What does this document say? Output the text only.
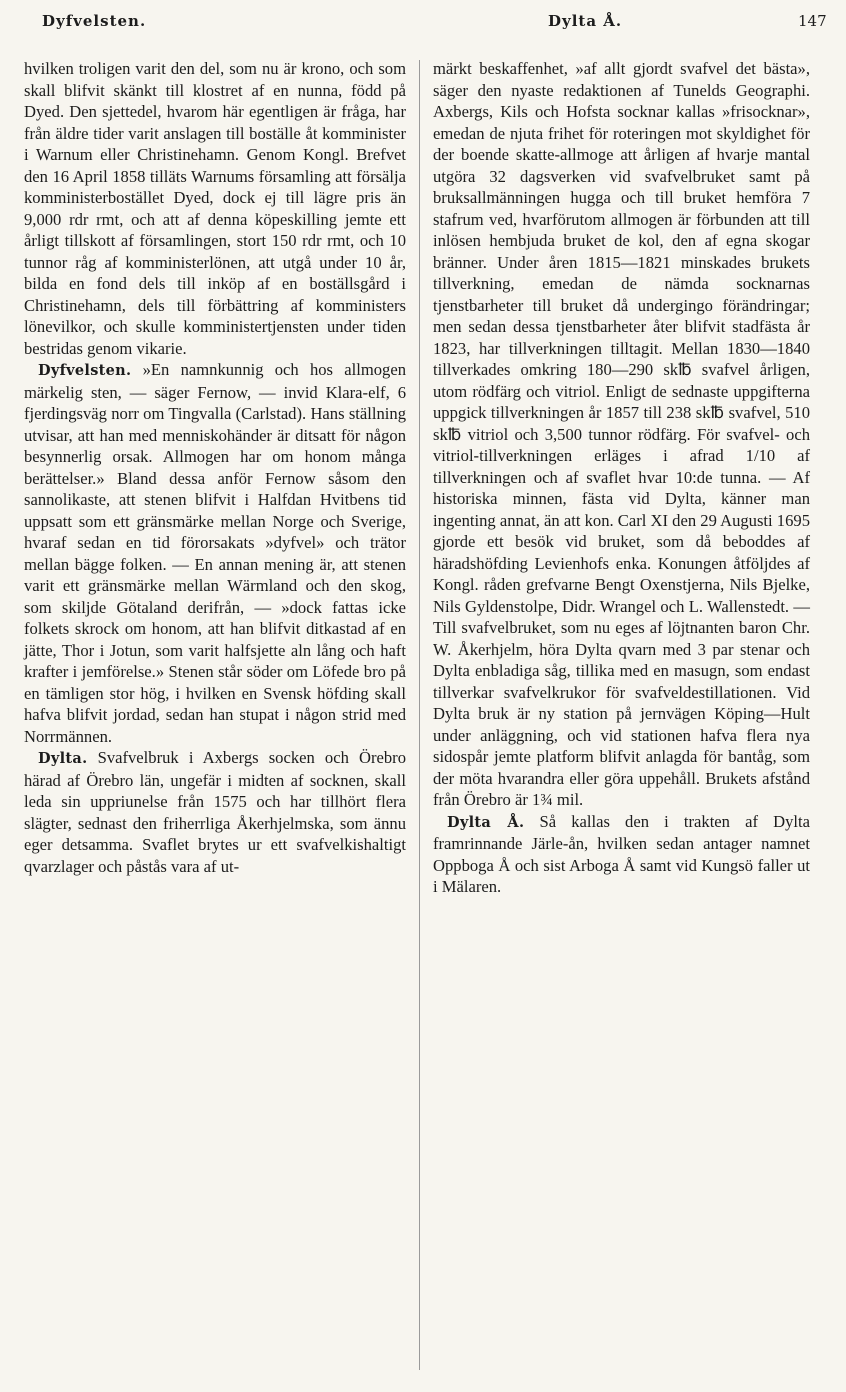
Dyfvelsten.	Dylta Å.	147

hvilken troligen varit den del, som nu är krono, och som skall blifvit skänkt till klostret af en nunna, född på Dyed. Den sjettedel, hvarom här egentligen är fråga, har från äldre tider varit anslagen till boställe åt komminister i Warnum eller Christinehamn. Genom Kongl. Brefvet den 16 April 1858 tilläts Warnums församling att försälja komministerbostället Dyed, dock ej till lägre pris än 9,000 rdr rmt, och att af denna köpeskilling jemte ett årligt tillskott af församlingen, stort 150 rdr rmt, och 10 tunnor råg af komministerlönen, att utgå under 10 år, bilda en fond dels till inköp af en boställsgård i Christinehamn, dels till förbättring af komministers lönevilkor, och skulle komministertjensten under tiden bestridas genom vikarie.

Dyfvelsten. »En namnkunnig och hos allmogen märkelig sten, — säger Fernow, — invid Klara-elf, 6 fjerdingsväg norr om Tingvalla (Carlstad). Hans ställning utvisar, att han med menniskohänder är ditsatt för någon besynnerlig orsak. Allmogen har om honom många berättelser.» Bland dessa anför Fernow såsom den sannolikaste, att stenen blifvit i Halfdan Hvitbens tid uppsatt som ett gränsmärke mellan Norge och Sverige, hvaraf sedan en tid förorsakats »dyfvel» och trätor mellan bägge folken. — En annan mening är, att stenen varit ett gränsmärke mellan Wärmland och den skog, som skiljde Götaland derifrån, — »dock fattas icke folkets skrock om honom, att han blifvit ditkastad af en jätte, Thor i Jotun, som varit halfsjette aln lång och haft krafter i jemförelse.» Stenen står söder om Löfede bro på en tämligen stor hög, i hvilken en Svensk höfding skall hafva blifvit jordad, sedan han stupat i någon strid med Norrmännen.

Dylta. Svafvelbruk i Axbergs socken och Örebro härad af Örebro län, ungefär i midten af socknen, skall leda sin uppriunelse från 1575 och har tillhört flera slägter, sednast den friherrliga Åkerhjelmska, som ännu eger detsamma. Svaflet brytes ur ett svafvelkishaltigt qvarzlager och påstås vara af ut-

märkt beskaffenhet, »af allt gjordt svafvel det bästa», säger den nyaste redaktionen af Tunelds Geographi. Axbergs, Kils och Hofsta socknar kallas »frisocknar», emedan de njuta frihet för roteringen mot skyldighet för der boende skatte-allmoge att årligen af hvarje mantal utgöra 32 dagsverken vid svafvelbruket samt på bruksallmänningen hugga och till bruket hemföra 7 stafrum ved, hvarförutom allmogen är förbunden att till inlösen hembjuda bruket de kol, den af egna skogar bränner. Under åren 1815—1821 minskades brukets tillverkning, emedan de nämda socknarnas tjenstbarheter till bruket då undergingo förändringar; men sedan dessa tjenstbarheter åter blifvit stadfästa år 1823, har tillverkningen tilltagit. Mellan 1830—1840 tillverkades omkring 180—290 sk℔ svafvel årligen, utom rödfärg och vitriol. Enligt de sednaste uppgifterna uppgick tillverkningen år 1857 till 238 sk℔ svafvel, 510 sk℔ vitriol och 3,500 tunnor rödfärg. För svafvel- och vitriol-tillverkningen erläges i afrad 1/10 af tillverkningen och af svaflet hvar 10:de tunna. — Af historiska minnen, fästa vid Dylta, känner man ingenting annat, än att kon. Carl XI den 29 Augusti 1695 gjorde ett besök vid bruket, som då beboddes af häradshöfding Levienhofs enka. Konungen åtföljdes af Kongl. råden grefvarne Bengt Oxenstjerna, Nils Bjelke, Nils Gyldenstolpe, Didr. Wrangel och L. Wallenstedt. — Till svafvelbruket, som nu eges af löjtnanten baron Chr. W. Åkerhjelm, höra Dylta qvarn med 3 par stenar och Dylta enbladiga såg, tillika med en masugn, som endast tillverkar svafvelkrukor för svafveldestillationen. Vid Dylta bruk är ny station på jernvägen Köping—Hult under anläggning, och vid stationen hafva flera nya sidospår jemte platform blifvit anlagda för bantåg, som der möta hvarandra eller göra uppehåll. Brukets afstånd från Örebro är 1¾ mil.

Dylta Å. Så kallas den i trakten af Dylta framrinnande Järle-ån, hvilken sedan antager namnet Oppboga Å och sist Arboga Å samt vid Kungsö faller ut i Mälaren.
